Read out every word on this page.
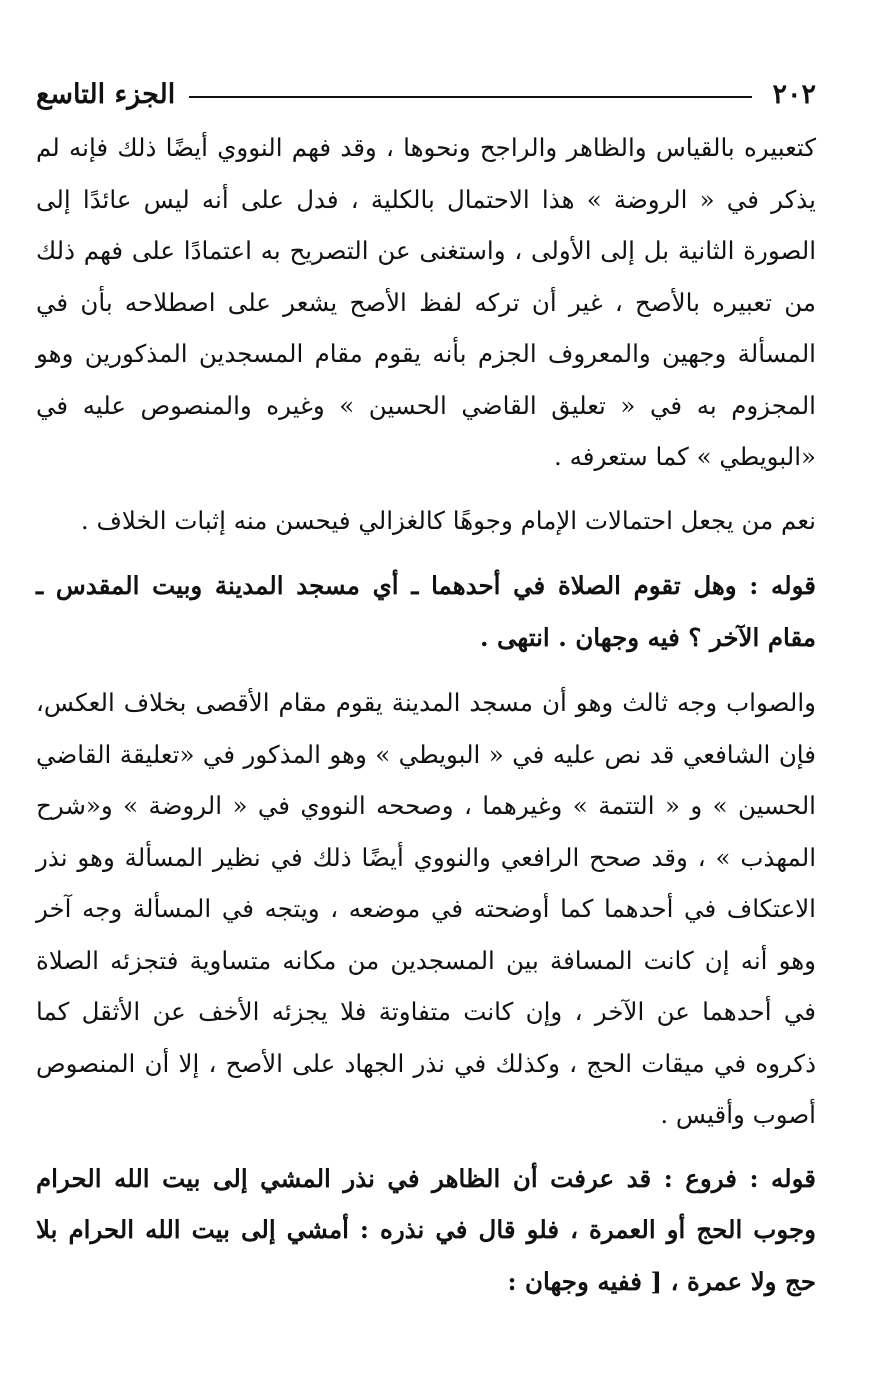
٢٠٢
الجزء التاسع

كتعبيره بالقياس والظاهر والراجح ونحوها ، وقد فهم النووي أيضًا ذلك فإنه لم يذكر في « الروضة » هذا الاحتمال بالكلية ، فدل على أنه ليس عائدًا إلى الصورة الثانية بل إلى الأولى ، واستغنى عن التصريح به اعتمادًا على فهم ذلك من تعبيره بالأصح ، غير أن تركه لفظ الأصح يشعر على اصطلاحه بأن في المسألة وجهين والمعروف الجزم بأنه يقوم مقام المسجدين المذكورين وهو المجزوم به في « تعليق القاضي الحسين » وغيره والمنصوص عليه في «البويطي » كما ستعرفه .

نعم من يجعل احتمالات الإمام وجوهًا كالغزالي فيحسن منه إثبات الخلاف .

قوله : وهل تقوم الصلاة في أحدهما ـ أي مسجد المدينة وبيت المقدس ـ مقام الآخر ؟ فيه وجهان . انتهى .

والصواب وجه ثالث وهو أن مسجد المدينة يقوم مقام الأقصى بخلاف العكس، فإن الشافعي قد نص عليه في « البويطي » وهو المذكور في «تعليقة القاضي الحسين » و « التتمة » وغيرهما ، وصححه النووي في « الروضة » و«شرح المهذب » ، وقد صحح الرافعي والنووي أيضًا ذلك في نظير المسألة وهو نذر الاعتكاف في أحدهما كما أوضحته في موضعه ، ويتجه في المسألة وجه آخر وهو أنه إن كانت المسافة بين المسجدين من مكانه متساوية فتجزئه الصلاة في أحدهما عن الآخر ، وإن كانت متفاوتة فلا يجزئه الأخف عن الأثقل كما ذكروه في ميقات الحج ، وكذلك في نذر الجهاد على الأصح ، إلا أن المنصوص أصوب وأقيس .

قوله : فروع : قد عرفت أن الظاهر في نذر المشي إلى بيت الله الحرام وجوب الحج أو العمرة ، فلو قال في نذره : أمشي إلى بيت الله الحرام بلا حج ولا عمرة ، [ ففيه وجهان :
